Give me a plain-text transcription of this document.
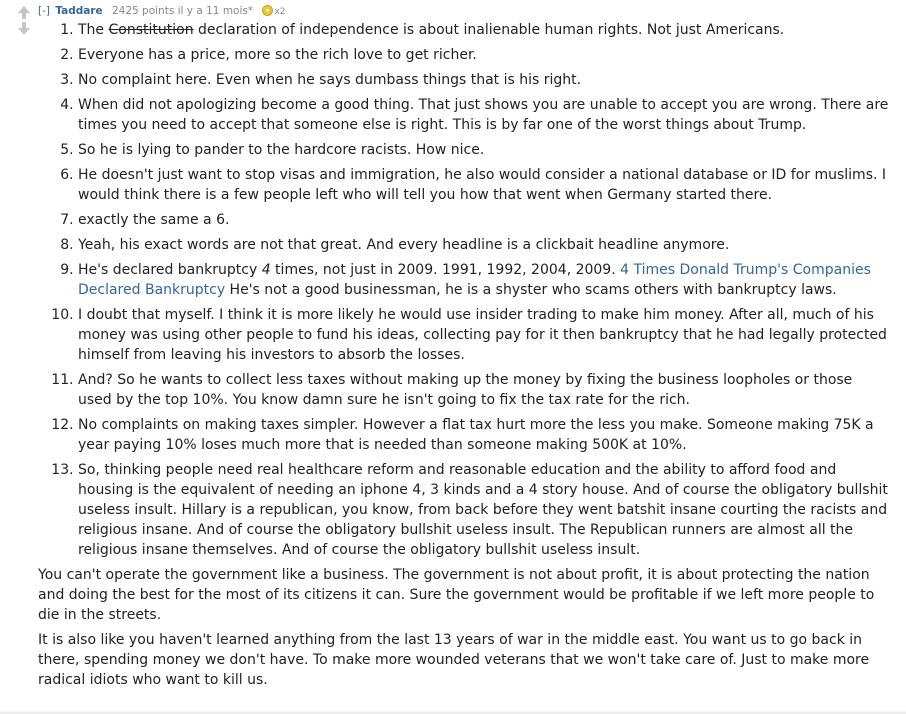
[-] Taddare 2425 points il y a 11 mois* x2
1. The Constitution declaration of independence is about inalienable human rights. Not just Americans.
2. Everyone has a price, more so the rich love to get richer.
3. No complaint here. Even when he says dumbass things that is his right.
4. When did not apologizing become a good thing. That just shows you are unable to accept you are wrong. There are times you need to accept that someone else is right. This is by far one of the worst things about Trump.
5. So he is lying to pander to the hardcore racists. How nice.
6. He doesn't just want to stop visas and immigration, he also would consider a national database or ID for muslims. I would think there is a few people left who will tell you how that went when Germany started there.
7. exactly the same a 6.
8. Yeah, his exact words are not that great. And every headline is a clickbait headline anymore.
9. He's declared bankruptcy 4 times, not just in 2009. 1991, 1992, 2004, 2009. 4 Times Donald Trump's Companies Declared Bankruptcy He's not a good businessman, he is a shyster who scams others with bankruptcy laws.
10. I doubt that myself. I think it is more likely he would use insider trading to make him money. After all, much of his money was using other people to fund his ideas, collecting pay for it then bankruptcy that he had legally protected himself from leaving his investors to absorb the losses.
11. And? So he wants to collect less taxes without making up the money by fixing the business loopholes or those used by the top 10%. You know damn sure he isn't going to fix the tax rate for the rich.
12. No complaints on making taxes simpler. However a flat tax hurt more the less you make. Someone making 75K a year paying 10% loses much more that is needed than someone making 500K at 10%.
13. So, thinking people need real healthcare reform and reasonable education and the ability to afford food and housing is the equivalent of needing an iphone 4, 3 kinds and a 4 story house. And of course the obligatory bullshit useless insult. Hillary is a republican, you know, from back before they went batshit insane courting the racists and religious insane. And of course the obligatory bullshit useless insult. The Republican runners are almost all the religious insane themselves. And of course the obligatory bullshit useless insult.

You can't operate the government like a business. The government is not about profit, it is about protecting the nation and doing the best for the most of its citizens it can. Sure the government would be profitable if we left more people to die in the streets.

It is also like you haven't learned anything from the last 13 years of war in the middle east. You want us to go back in there, spending money we don't have. To make more wounded veterans that we won't take care of. Just to make more radical idiots who want to kill us.
